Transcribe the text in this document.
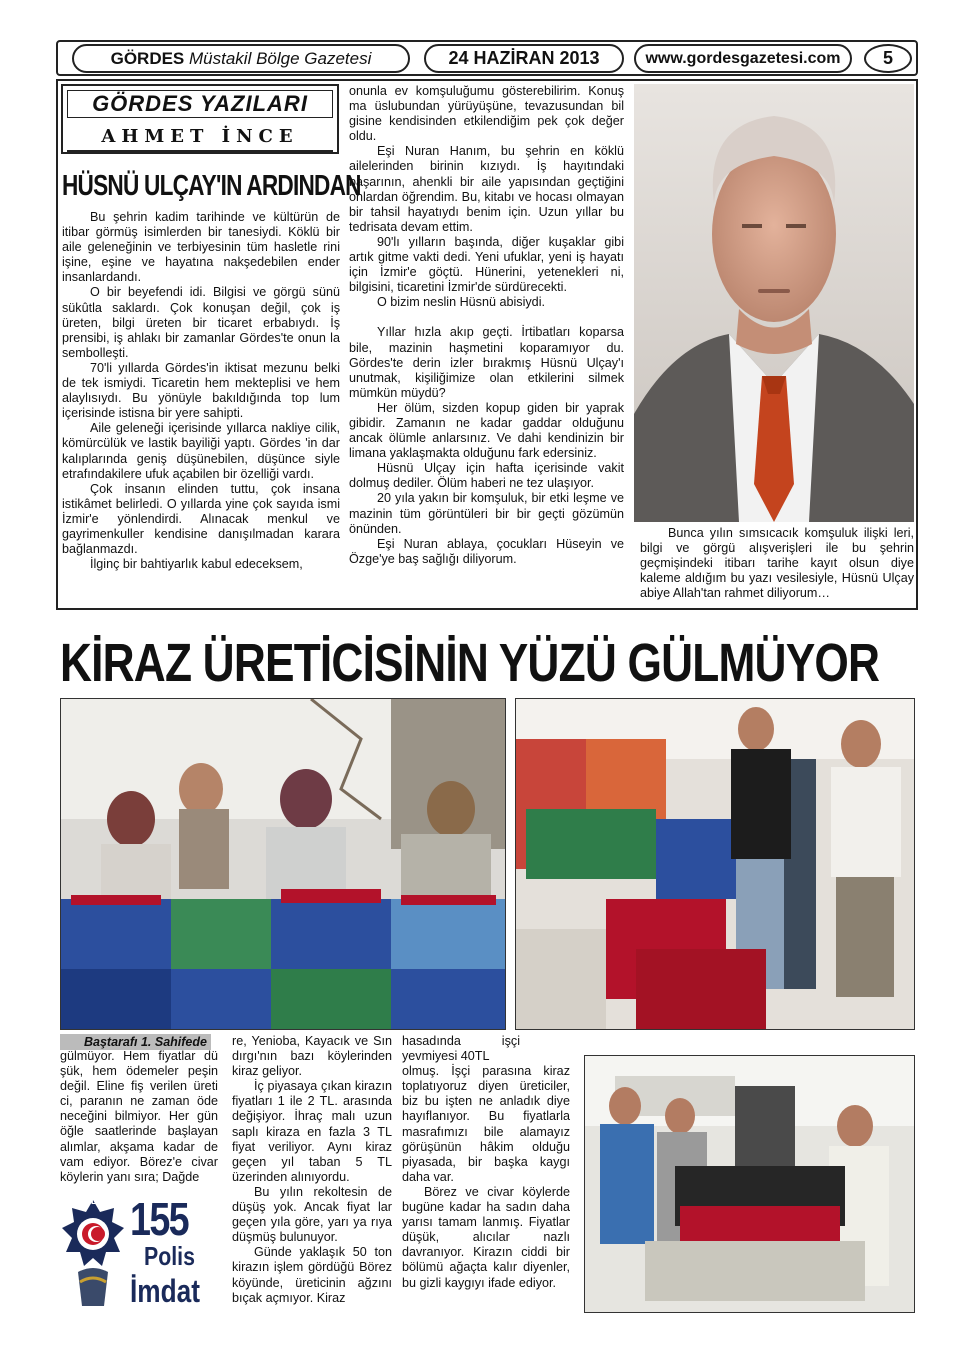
GÖRDES
Müstakil Bölge Gazetesi	24 HAZİRAN 2013	www.gordesgazetesi.com 5
GÖRDES YAZILARI
AHMET İNCE
HÜSNÜ ULÇAY'IN ARDINDAN

Bu şehrin kadim tarihinde ve kültürün de itibar görmüş isimlerden bir tanesiydi. Köklü bir aile geleneğinin ve terbiyesinin tüm hasletle rini işine, eşine ve hayatına nakşedebilen ender insanlardandı.

O bir beyefendi idi. Bilgisi ve görgü sünü sükûtla saklardı. Çok konuşan değil, çok iş üreten, bilgi üreten bir ticaret erbabıydı. İş prensibi, iş ahlakı bir zamanlar Gördes'te onun la sembolleşti.

70'li yıllarda Gördes'in iktisat mezunu belki de tek ismiydi. Ticaretin hem mekteplisi ve hem alaylısıydı. Bu yönüyle bakıldığında top lum içerisinde istisna bir yere sahipti.

Aile geleneği içerisinde yıllarca nakliye cilik, kömürcülük ve lastik bayiliği yaptı. Gördes 'in dar kalıplarında geniş düşünebilen, düşünce siyle etrafındakilere ufuk açabilen bir özelliği vardı.

Çok insanın elinden tuttu, çok insana istikâmet belirledi. O yıllarda yine çok sayıda ismi İzmir'e yönlendirdi. Alınacak menkul ve gayrimenkuller kendisine danışılmadan karara bağlanmazdı.

İlginç bir bahtiyarlık kabul edeceksem,

onunla ev komşuluğumu gösterebilirim. Konuş ma üslubundan yürüyüşüne, tevazusundan bil gisine kendisinden etkilendiğim pek çok değer oldu.

Eşi Nuran Hanım, bu şehrin en köklü ailelerinden birinin kızıydı. İş hayıtındaki başarının, ahenkli bir aile yapısından geçtiğini onlardan öğrendim. Bu, kitabı ve hocası olmayan bir tahsil hayatıydı benim için. Uzun yıllar bu tedrisata devam ettim.

90'lı yılların başında, diğer kuşaklar gibi artık gitme vakti dedi. Yeni ufuklar, yeni iş hayatı için İzmir'e göçtü. Hünerini, yetenekleri ni, bilgisini, ticaretini İzmir'de sürdürecekti.

O bizim neslin Hüsnü abisiydi.

Yıllar hızla akıp geçti. İrtibatları koparsa bile, mazinin haşmetini koparamıyor du. Gördes'te derin izler bırakmış Hüsnü Ulçay'ı unutmak, kişiliğimize olan etkilerini silmek mümkün müydü?

Her ölüm, sizden kopup giden bir yaprak gibidir. Zamanın ne kadar gaddar olduğunu ancak ölümle anlarsınız. Ve dahi kendinizin bir limana yaklaşmakta olduğunu fark edersiniz.

Hüsnü Ulçay için hafta içerisinde vakit dolmuş dediler. Ölüm haberi ne tez ulaşıyor.

20 yıla yakın bir komşuluk, bir etki leşme ve mazinin tüm görüntüleri bir bir geçti gözümün önünden.

Eşi Nuran ablaya, çocukları Hüseyin ve Özge'ye baş sağlığı diliyorum.

Bunca yılın sımsıcacık komşuluk ilişki leri, bilgi ve görgü alışverişleri ile bu şehrin geçmişindeki itibarı tarihe kayıt olsun diye kaleme aldığım bu yazı vesilesiyle, Hüsnü Ulçay abiye Allah'tan rahmet diliyorum…

KİRAZ ÜRETİCİSİNİN YÜZÜ GÜLMÜYOR
Baştarafı 1. Sahifede

gülmüyor. Hem fiyatlar dü şük, hem ödemeler peşin değil. Eline fiş verilen üreti ci, paranın ne zaman öde neceğini bilmiyor. Her gün öğle saatlerinde başlayan alımlar, akşama kadar de vam ediyor. Börez'e civar köylerin yanı sıra; Dağde

re, Yenioba, Kayacık ve Sın dırgı'nın bazı köylerinden kiraz geliyor.

İç piyasaya çıkan kirazın fiyatları 1 ile 2 TL. arasında değişiyor. İhraç malı uzun saplı kiraza en fazla 3 TL fiyat veriliyor. Aynı kiraz geçen yıl taban 5 TL üzerinden alınıyordu.

Bu yılın rekoltesin de düşüş yok. Ancak fiyat lar geçen yıla göre, yarı ya rıya düşmüş bulunuyor.

Günde yaklaşık 50 ton kirazın işlem gördüğü Börez köyünde, üreticinin ağzını bıçak açmıyor. Kiraz

hasadında işçi yevmiyesi 40TL

olmuş. İşçi parasına kiraz toplatıyoruz diyen üreticiler, biz bu işten ne anladık diye hayıflanıyor. Bu fiyatlarla masrafımızı bile alamayız görüşünün hâkim olduğu piyasada, bir başka kaygı daha var.

Börez ve civar köylerde bugüne kadar ha sadın daha yarısı tamam lanmış. Fiyatlar düşük, alıcılar nazlı davranıyor. Kirazın ciddi bir bölümü ağaçta kalır diyenler, bu gizli kaygıyı ifade ediyor.

POLİS 155
Polis
İmdat
